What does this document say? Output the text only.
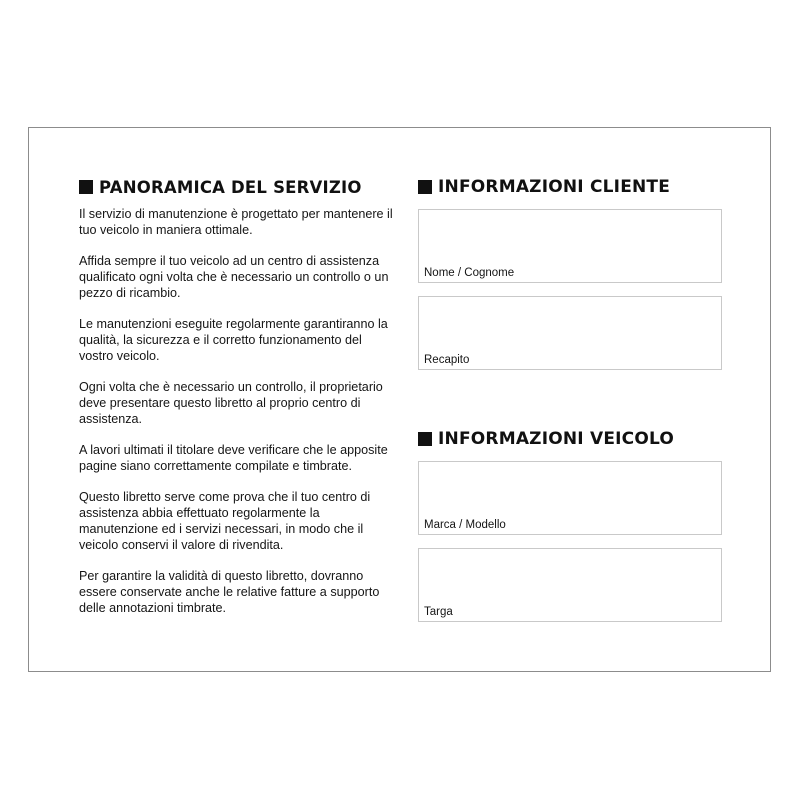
PANORAMICA DEL SERVIZIO

Il servizio di manutenzione è progettato per mantenere il tuo veicolo in maniera ottimale.

Affida sempre il tuo veicolo ad un centro di assistenza qualificato ogni volta che è necessario un controllo o un pezzo di ricambio.

Le manutenzioni eseguite regolarmente garantiranno la qualità, la sicurezza e il corretto funzionamento del vostro veicolo.

Ogni volta che è necessario un controllo, il proprietario deve presentare questo libretto al proprio centro di assistenza.

A lavori ultimati il titolare deve verificare che le apposite pagine siano correttamente compilate e timbrate.

Questo libretto serve come prova che il tuo centro di assistenza abbia effettuato regolarmente la manutenzione ed i servizi necessari, in modo che il veicolo conservi il valore di rivendita.

Per garantire la validità di questo libretto, dovranno essere conservate anche le relative fatture a supporto delle annotazioni timbrate.

INFORMAZIONI CLIENTE
Nome / Cognome
Recapito
INFORMAZIONI VEICOLO
Marca / Modello
Targa
